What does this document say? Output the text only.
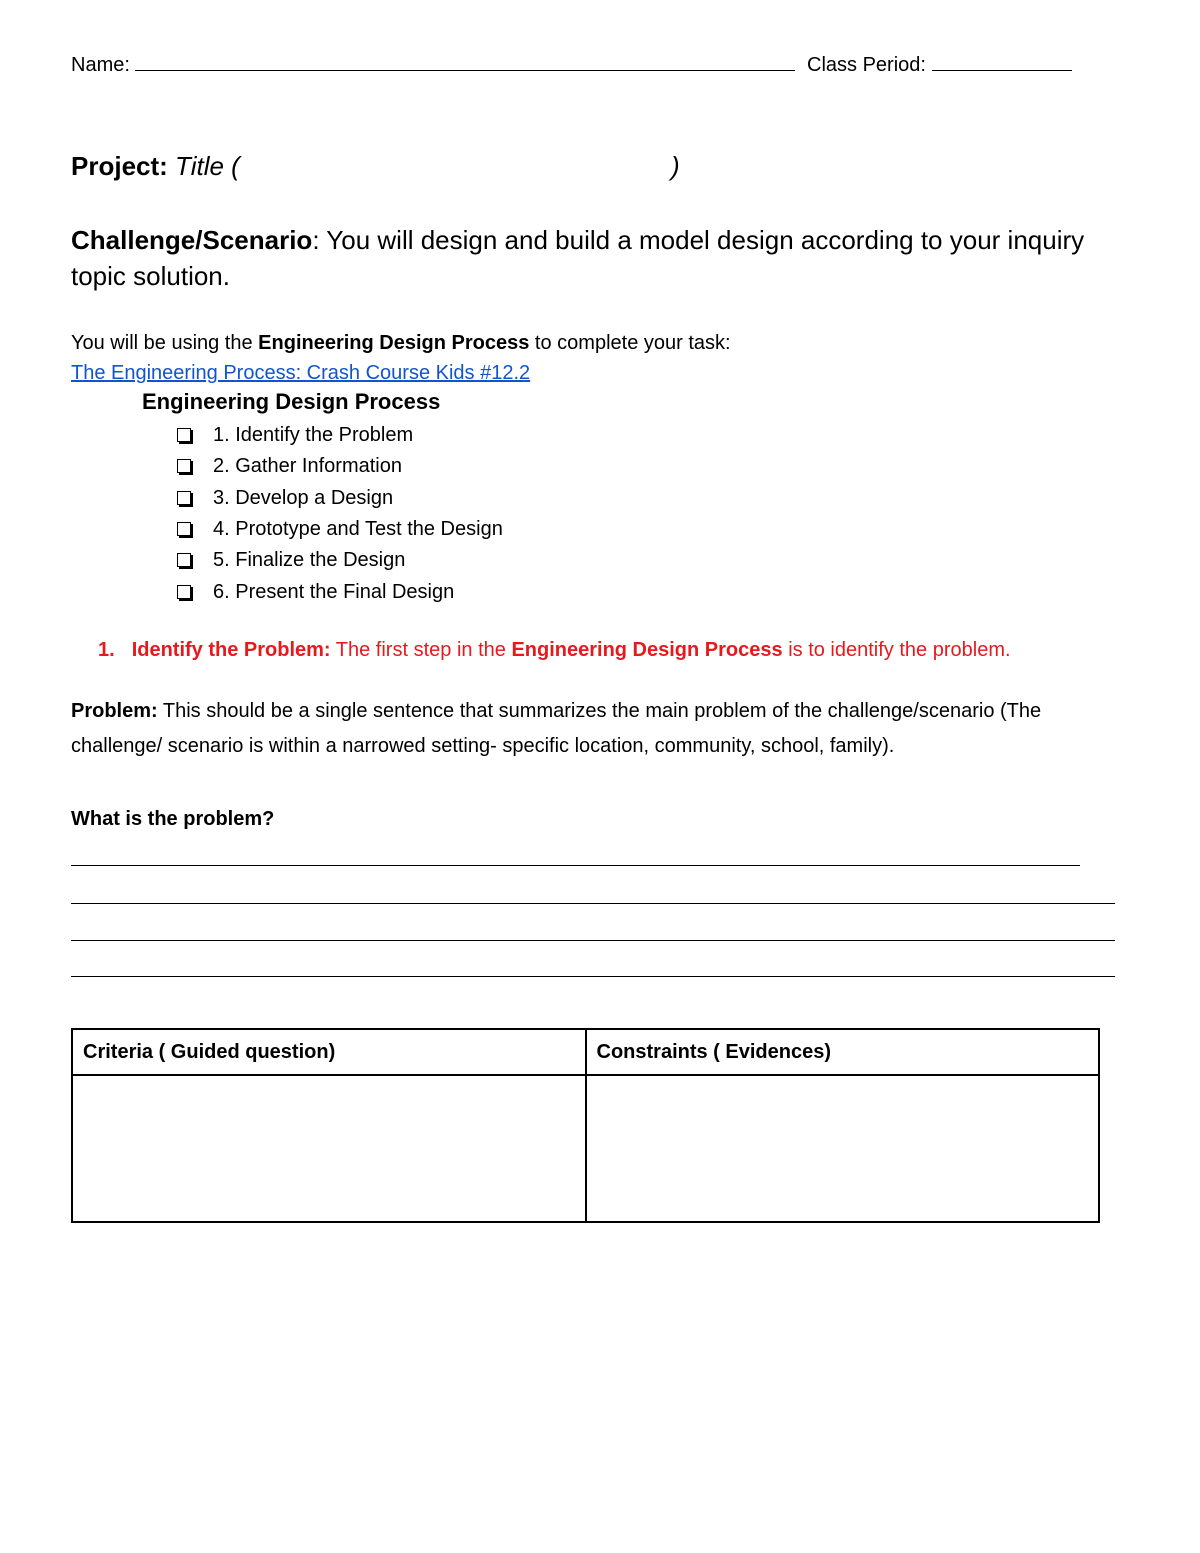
Name:	Class Period:
Project: Title (	)
Challenge/Scenario: You will design and build a model design according to your inquiry topic solution.
You will be using the Engineering Design Process to complete your task:
The Engineering Process: Crash Course Kids #12.2
Engineering Design Process
1. Identify the Problem
2. Gather Information
3. Develop a Design
4. Prototype and Test the Design
5. Finalize the Design
6. Present the Final Design
1. Identify the Problem: The first step in the Engineering Design Process is to identify the problem.
Problem: This should be a single sentence that summarizes the main problem of the challenge/scenario (The challenge/ scenario is within a narrowed setting- specific location, community, school, family).
What is the problem?
Criteria ( Guided question)	Constraints ( Evidences)
